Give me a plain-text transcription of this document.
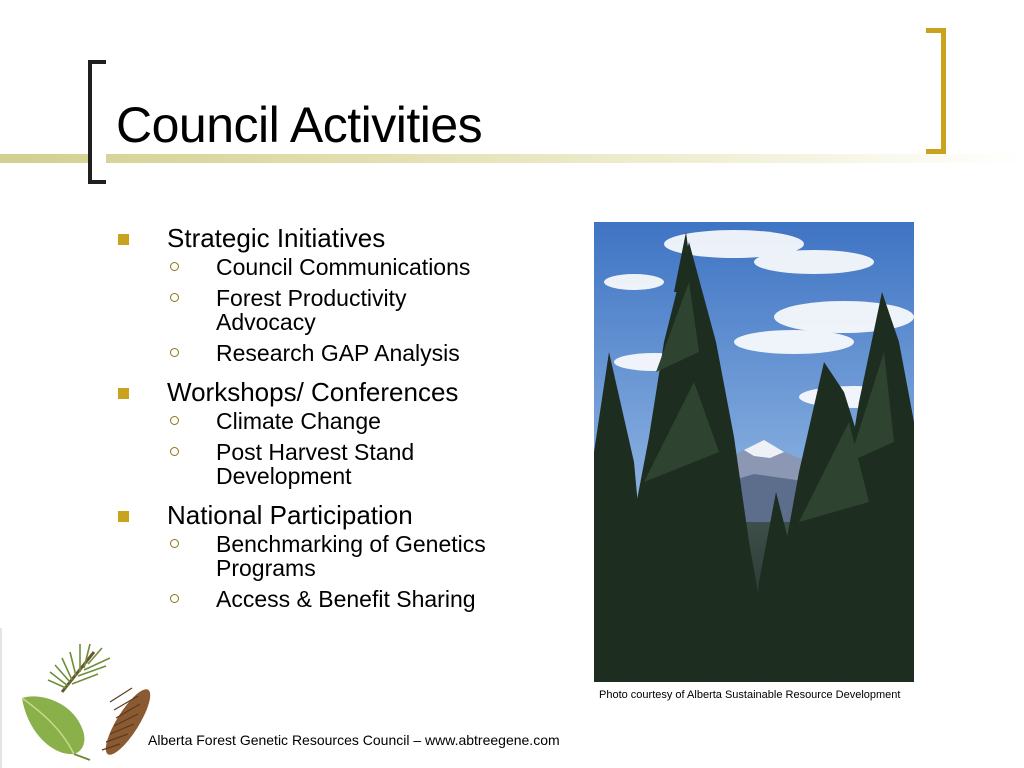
Council Activities
Strategic Initiatives
Council Communications
Forest Productivity
Advocacy
Research GAP Analysis
Workshops/ Conferences
Climate Change
Post Harvest Stand
Development
National Participation
Benchmarking of Genetics
Programs
Access & Benefit Sharing
Photo courtesy of Alberta Sustainable Resource Development
Alberta Forest Genetic Resources Council – www.abtreegene.com
